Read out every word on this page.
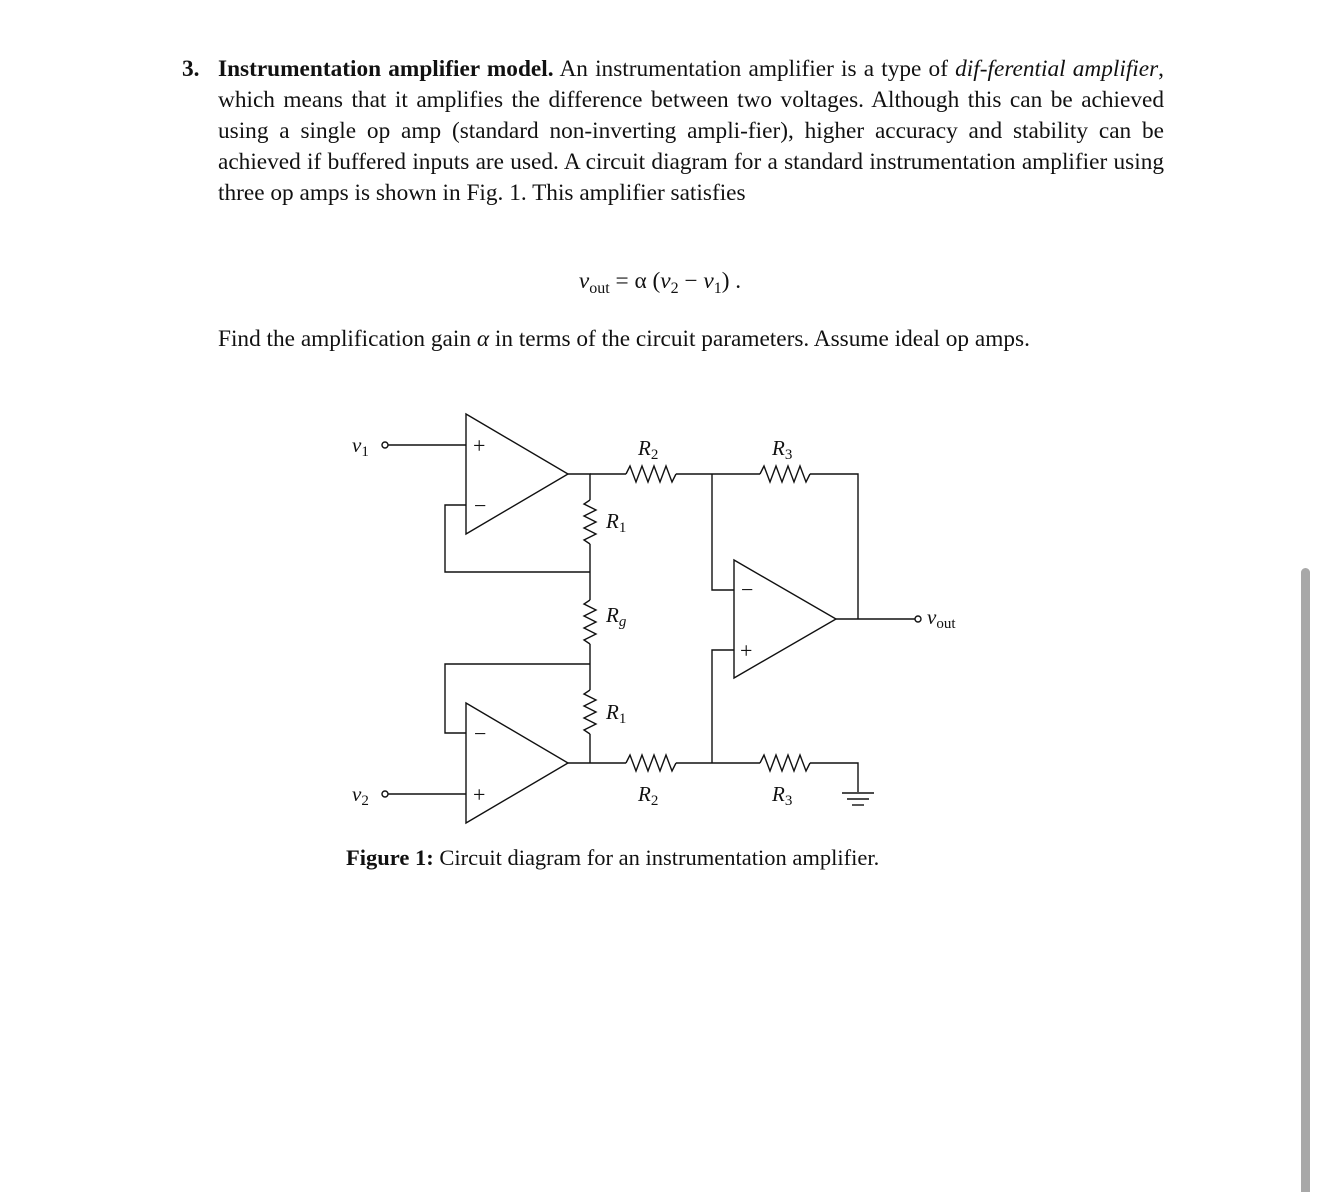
3. Instrumentation amplifier model. An instrumentation amplifier is a type of dif-ferential amplifier, which means that it amplifies the difference between two voltages. Although this can be achieved using a single op amp (standard non-inverting ampli-fier), higher accuracy and stability can be achieved if buffered inputs are used. A circuit diagram for a standard instrumentation amplifier using three op amps is shown in Fig. 1. This amplifier satisfies
$v_{out} = \alpha$ $(v_2 - v_1)$ .
Find the amplification gain α in terms of the circuit parameters. Assume ideal op amps.
+
−
−
+
−
+
v1
v2
vout
R2	R3
R1
Rg
R1
R2	R3
Figure 1: Circuit diagram for an instrumentation amplifier.
